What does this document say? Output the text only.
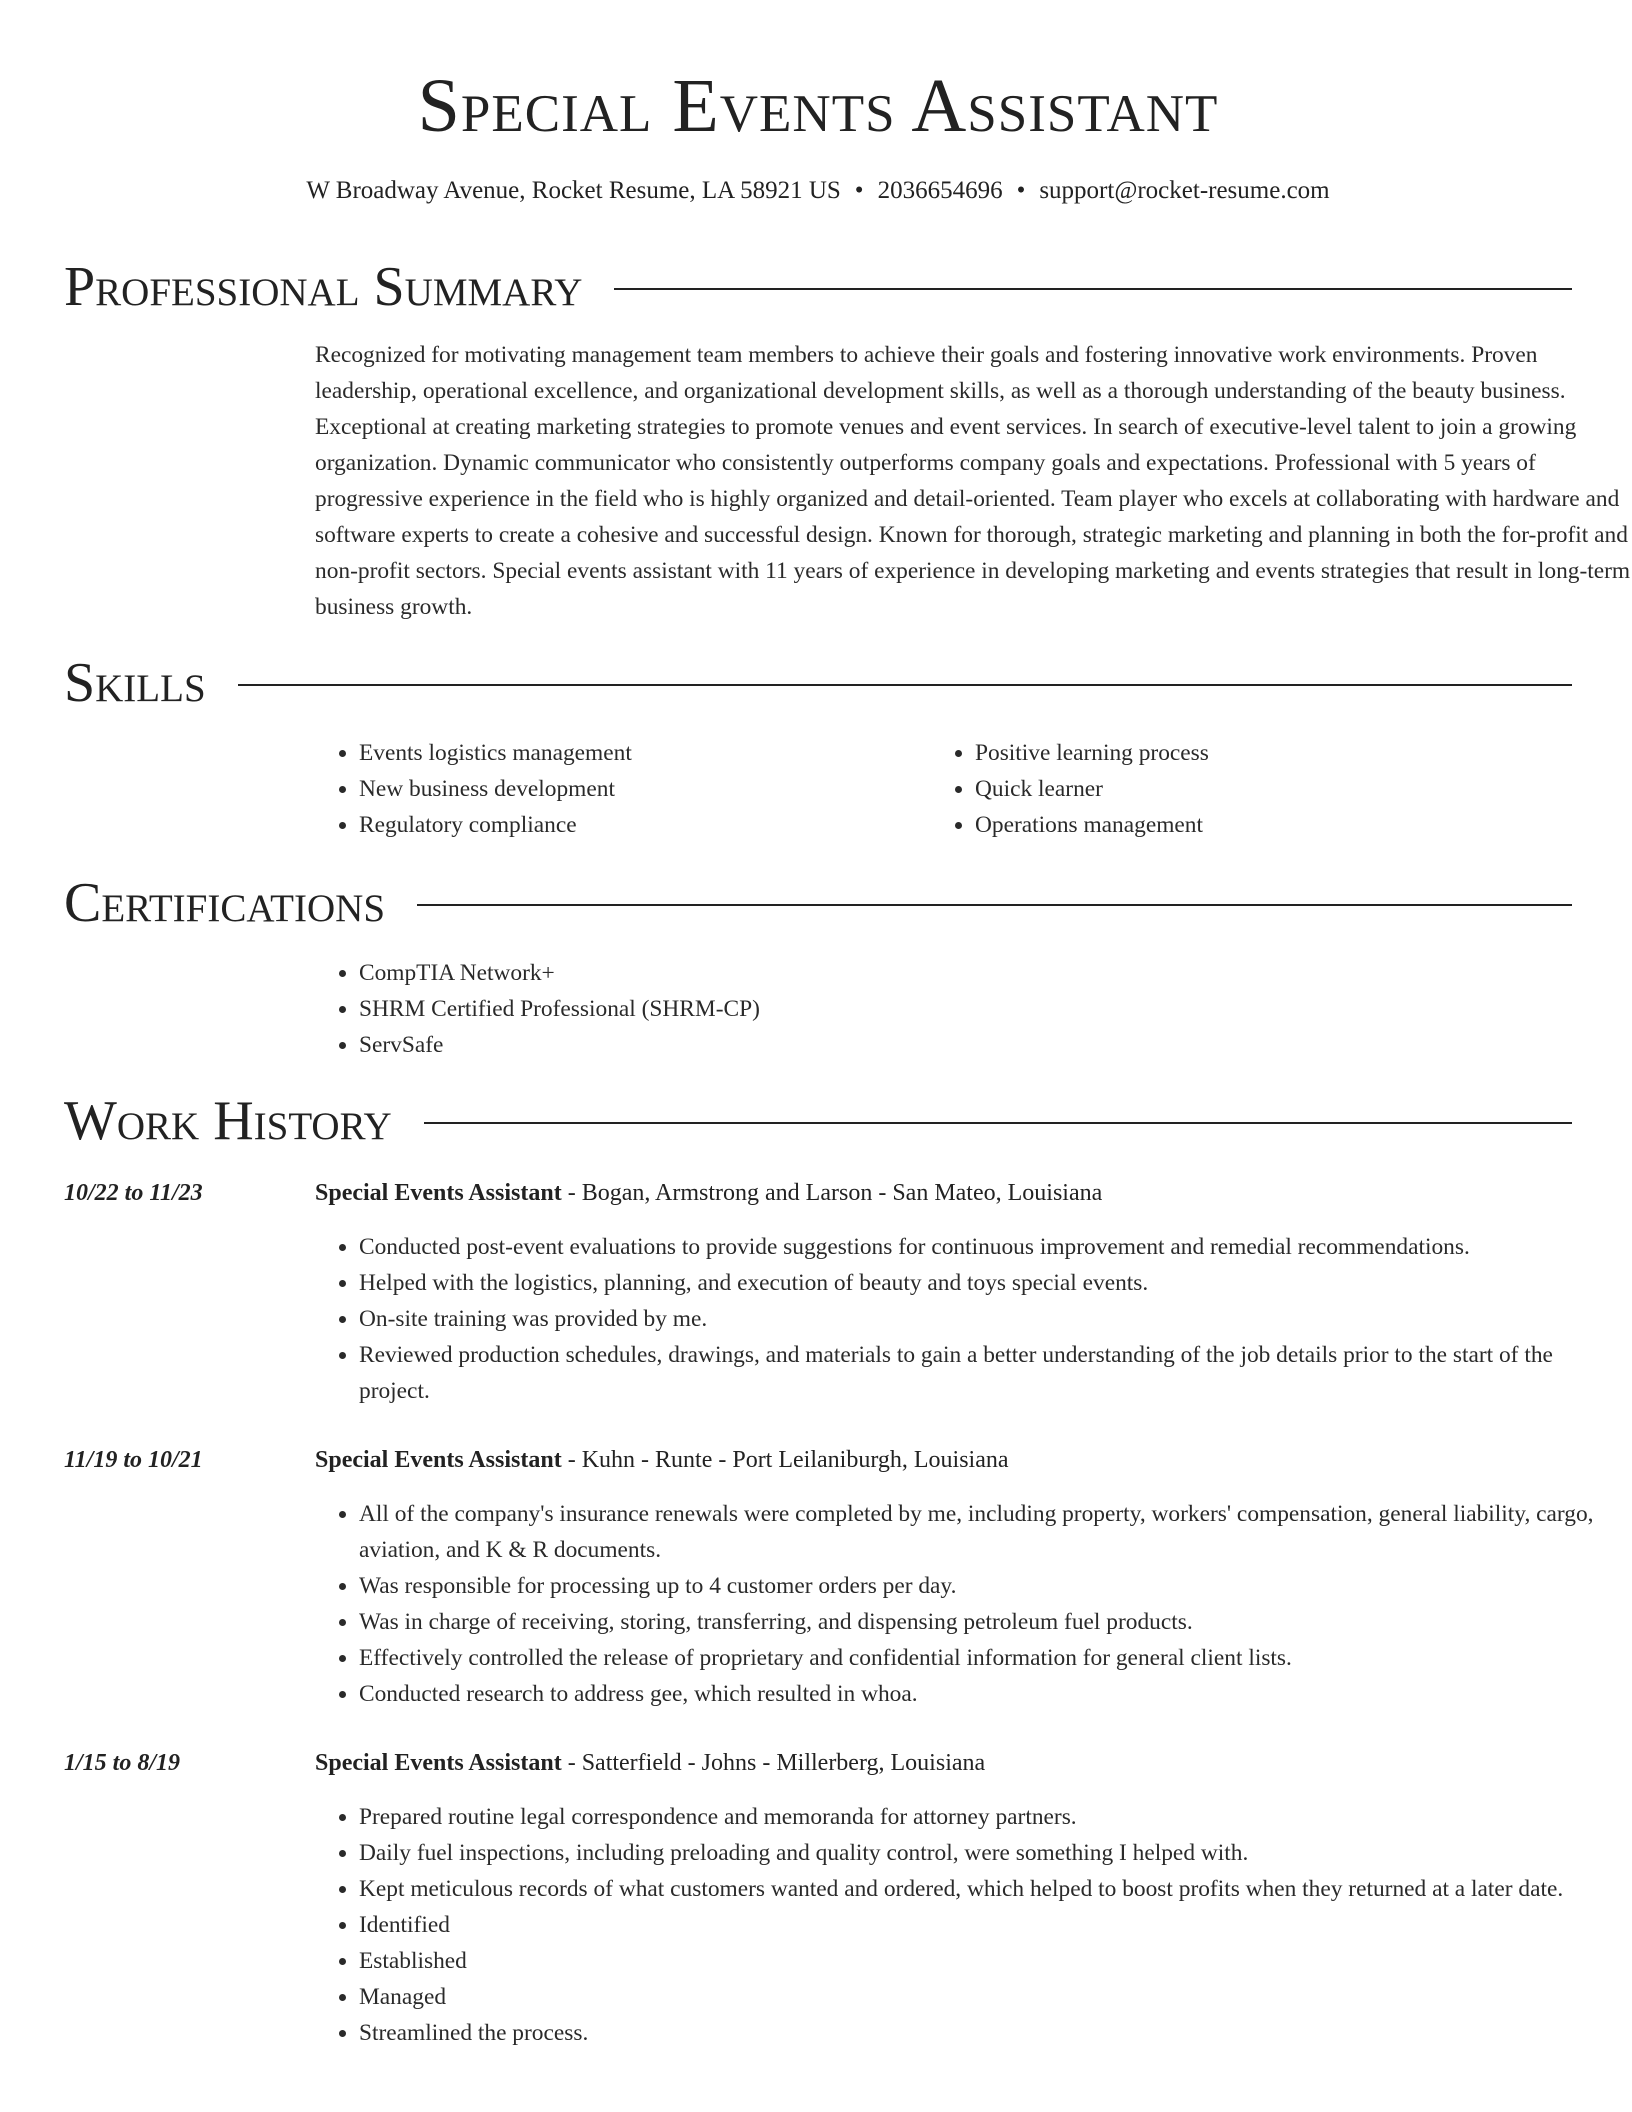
Special Events Assistant
W Broadway Avenue, Rocket Resume, LA 58921 US • 2036654696 • support@rocket-resume.com
Professional Summary

Recognized for motivating management team members to achieve their goals and fostering innovative work environments. Proven leadership, operational excellence, and organizational development skills, as well as a thorough understanding of the beauty business. Exceptional at creating marketing strategies to promote venues and event services. In search of executive-level talent to join a growing organization. Dynamic communicator who consistently outperforms company goals and expectations. Professional with 5 years of progressive experience in the field who is highly organized and detail-oriented. Team player who excels at collaborating with hardware and software experts to create a cohesive and successful design. Known for thorough, strategic marketing and planning in both the for-profit and non-profit sectors. Special events assistant with 11 years of experience in developing marketing and events strategies that result in long-term business growth.

Skills
• Events logistics management
• New business development
• Regulatory compliance
• Positive learning process
• Quick learner
• Operations management
Certifications
• CompTIA Network+
• SHRM Certified Professional (SHRM-CP)
• ServSafe
Work History
10/22 to 11/23	Special Events Assistant - Bogan, Armstrong and Larson - San Mateo, Louisiana
• Conducted post-event evaluations to provide suggestions for continuous improvement and remedial recommendations.
• Helped with the logistics, planning, and execution of beauty and toys special events.
• On-site training was provided by me.
• Reviewed production schedules, drawings, and materials to gain a better understanding of the job details prior to the start of the project.
11/19 to 10/21	Special Events Assistant - Kuhn - Runte - Port Leilaniburgh, Louisiana
• All of the company's insurance renewals were completed by me, including property, workers' compensation, general liability, cargo, aviation, and K & R documents.
• Was responsible for processing up to 4 customer orders per day.
• Was in charge of receiving, storing, transferring, and dispensing petroleum fuel products.
• Effectively controlled the release of proprietary and confidential information for general client lists.
• Conducted research to address gee, which resulted in whoa.
1/15 to 8/19	Special Events Assistant - Satterfield - Johns - Millerberg, Louisiana
• Prepared routine legal correspondence and memoranda for attorney partners.
• Daily fuel inspections, including preloading and quality control, were something I helped with.
• Kept meticulous records of what customers wanted and ordered, which helped to boost profits when they returned at a later date.
• Identified
• Established
• Managed
• Streamlined the process.
